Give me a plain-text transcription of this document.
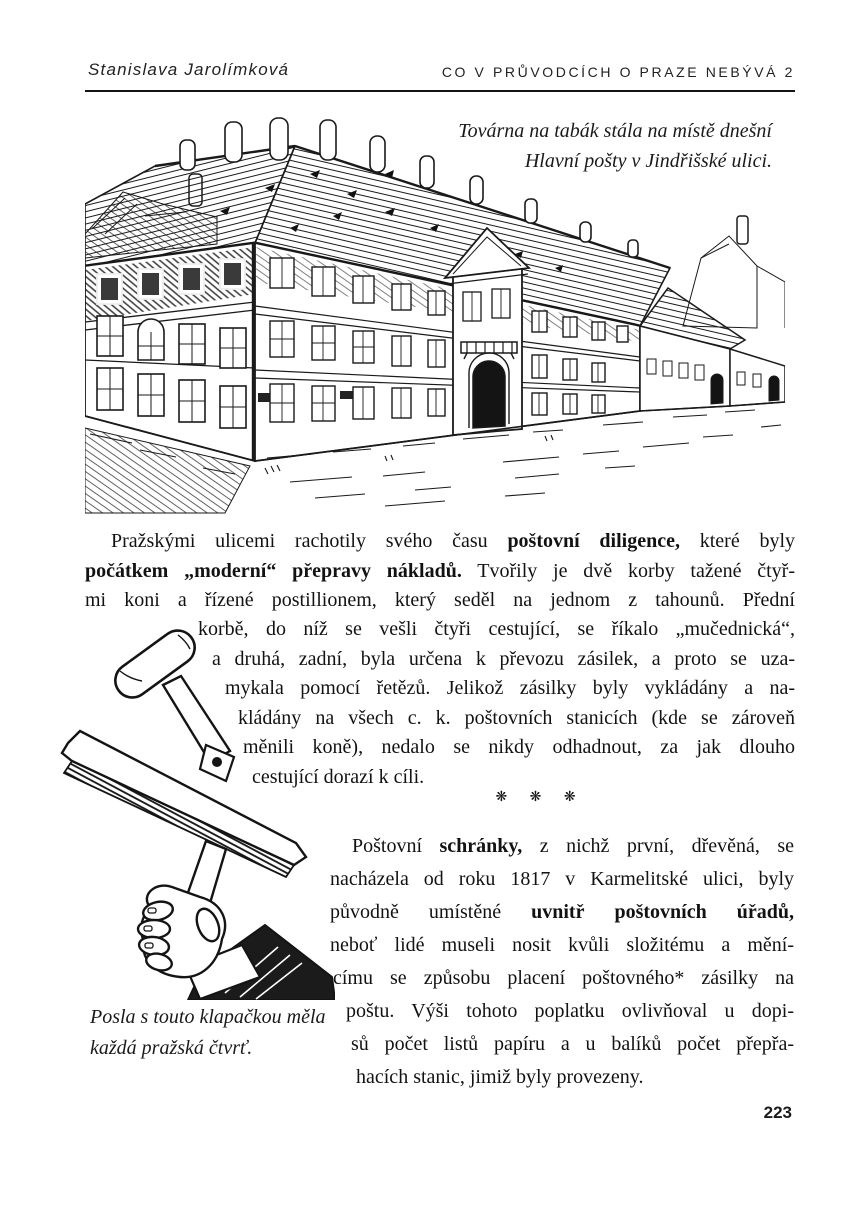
Stanislava Jarolímková	CO V PRŮVODCÍCH O PRAZE NEBÝVÁ 2
Továrna na tabák stála na místě dnešní
Hlavní pošty v Jindřišské ulici.
Pražskými ulicemi rachotily svého času poštovní diligence, které byly
počátkem „moderní“ přepravy nákladů. Tvořily je dvě korby tažené čtyř-
mi koni a řízené postillionem, který seděl na jednom z tahounů. Přední
korbě, do níž se vešli čtyři cestující, se říkalo „mučednická“,
a druhá, zadní, byla určena k převozu zásilek, a proto se uza-
mykala pomocí řetězů. Jelikož zásilky byly vykládány a na-
kládány na všech c. k. poštovních stanicích (kde se zároveň
měnili koně), nedalo se nikdy odhadnout, za jak dlouho
cestující dorazí k cíli.
❋ ❋ ❋
Poštovní schránky, z nichž první, dřevěná, se
nacházela od roku 1817 v Karmelitské ulici, byly
původně umístěné uvnitř poštovních úřadů,
neboť lidé museli nosit kvůli složitému a mění-
címu se způsobu placení poštovného* zásilky na
poštu. Výši tohoto poplatku ovlivňoval u dopi-
sů počet listů papíru a u balíků počet přepřa-
hacích stanic, jimiž byly provezeny.
Posla s touto klapačkou měla
každá pražská čtvrť.
223
